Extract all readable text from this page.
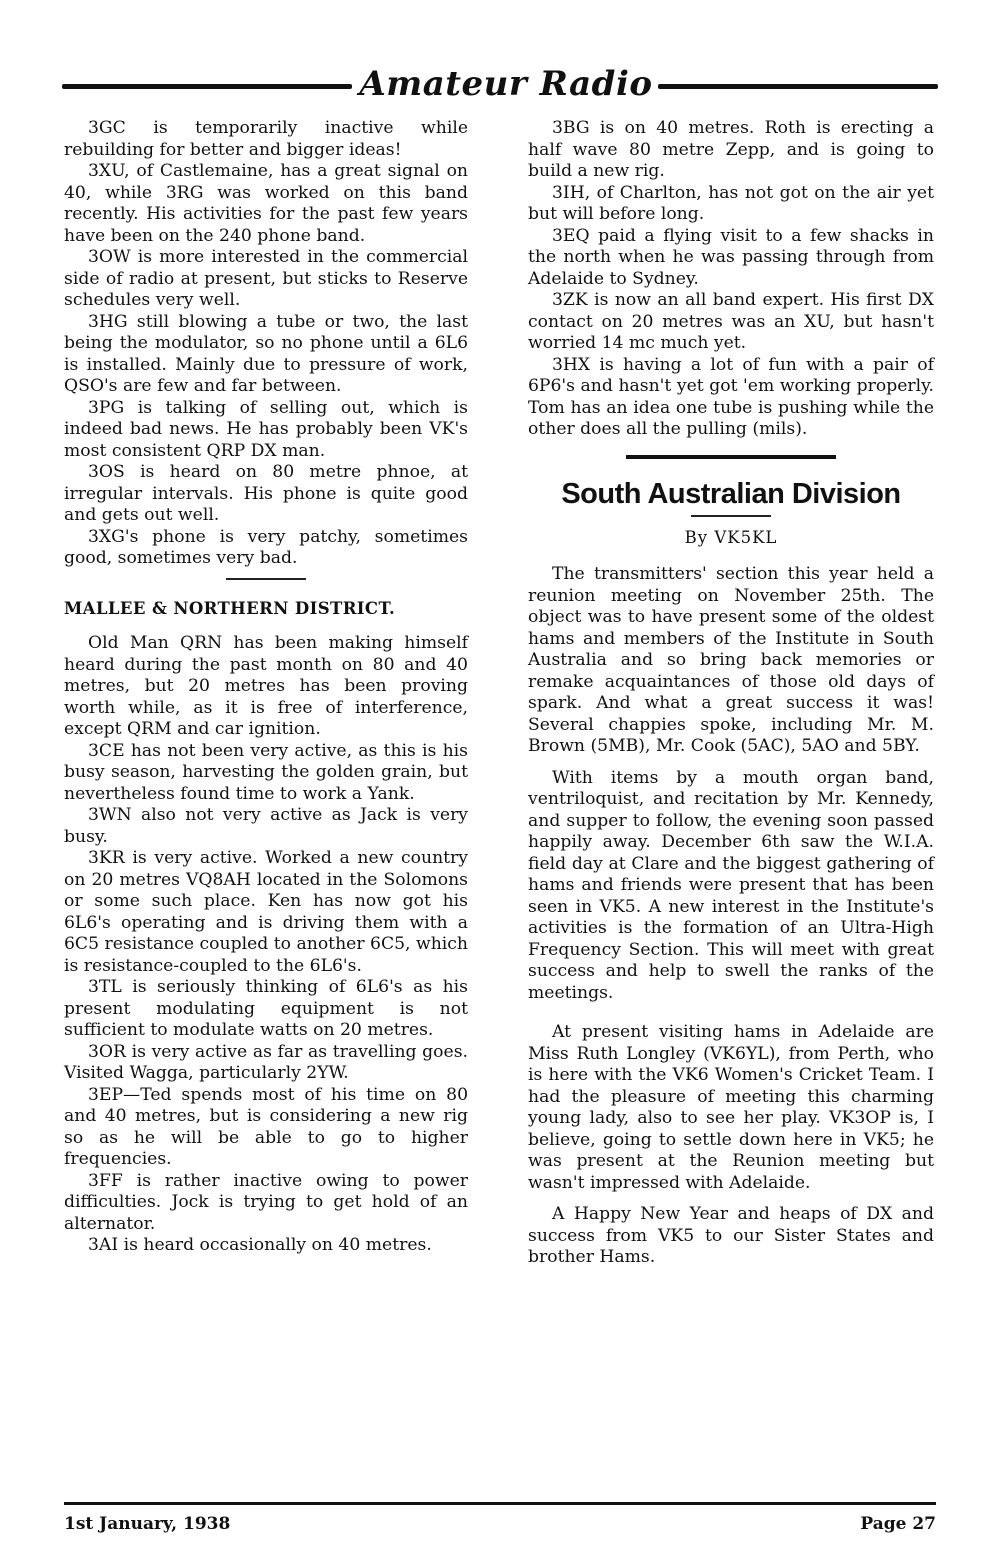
Amateur Radio

3GC is temporarily inactive while rebuilding for better and bigger ideas!

3XU, of Castlemaine, has a great signal on 40, while 3RG was worked on this band recently. His activities for the past few years have been on the 240 phone band.

3OW is more interested in the commercial side of radio at present, but sticks to Reserve schedules very well.

3HG still blowing a tube or two, the last being the modulator, so no phone until a 6L6 is installed. Mainly due to pressure of work, QSO's are few and far between.

3PG is talking of selling out, which is indeed bad news. He has probably been VK's most consistent QRP DX man.

3OS is heard on 80 metre phnoe, at irregular intervals. His phone is quite good and gets out well.

3XG's phone is very patchy, sometimes good, sometimes very bad.

MALLEE & NORTHERN DISTRICT.

Old Man QRN has been making himself heard during the past month on 80 and 40 metres, but 20 metres has been proving worth while, as it is free of interference, except QRM and car ignition.

3CE has not been very active, as this is his busy season, harvesting the golden grain, but nevertheless found time to work a Yank.

3WN also not very active as Jack is very busy.

3KR is very active. Worked a new country on 20 metres VQ8AH located in the Solomons or some such place. Ken has now got his 6L6's operating and is driving them with a 6C5 resistance coupled to another 6C5, which is resistance-coupled to the 6L6's.

3TL is seriously thinking of 6L6's as his present modulating equipment is not sufficient to modulate watts on 20 metres.

3OR is very active as far as travelling goes. Visited Wagga, particularly 2YW.

3EP—Ted spends most of his time on 80 and 40 metres, but is considering a new rig so as he will be able to go to higher frequencies.

3FF is rather inactive owing to power difficulties. Jock is trying to get hold of an alternator.

3AI is heard occasionally on 40 metres.

3BG is on 40 metres. Roth is erecting a half wave 80 metre Zepp, and is going to build a new rig.

3IH, of Charlton, has not got on the air yet but will before long.

3EQ paid a flying visit to a few shacks in the north when he was passing through from Adelaide to Sydney.

3ZK is now an all band expert. His first DX contact on 20 metres was an XU, but hasn't worried 14 mc much yet.

3HX is having a lot of fun with a pair of 6P6's and hasn't yet got 'em working properly. Tom has an idea one tube is pushing while the other does all the pulling (mils).

South Australian Division
By VK5KL

The transmitters' section this year held a reunion meeting on November 25th. The object was to have present some of the oldest hams and members of the Institute in South Australia and so bring back memories or remake acquaintances of those old days of spark. And what a great success it was! Several chappies spoke, including Mr. M. Brown (5MB), Mr. Cook (5AC), 5AO and 5BY.

With items by a mouth organ band, ventriloquist, and recitation by Mr. Kennedy, and supper to follow, the evening soon passed happily away. December 6th saw the W.I.A. field day at Clare and the biggest gathering of hams and friends were present that has been seen in VK5. A new interest in the Institute's activities is the formation of an Ultra-High Frequency Section. This will meet with great success and help to swell the ranks of the meetings.

At present visiting hams in Adelaide are Miss Ruth Longley (VK6YL), from Perth, who is here with the VK6 Women's Cricket Team. I had the pleasure of meeting this charming young lady, also to see her play. VK3OP is, I believe, going to settle down here in VK5; he was present at the Reunion meeting but wasn't impressed with Adelaide.

A Happy New Year and heaps of DX and success from VK5 to our Sister States and brother Hams.

1st January, 1938	Page 27
